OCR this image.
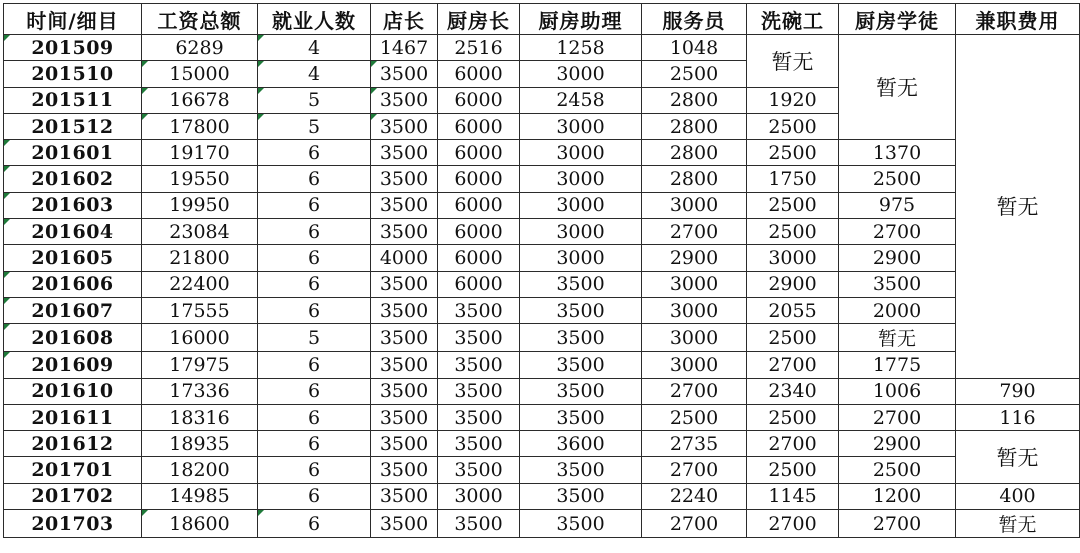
时间/细目	工资总额	就业人数	店长	厨房长	厨房助理	服务员	洗碗工	厨房学徒	兼职费用
201509	6289	4	1467	2516	1258	1048	暂无	暂无	暂无
201510	15000	4	3500	6000	3000	2500			
201511	16678	5	3500	6000	2458	2800	1920		
201512	17800	5	3500	6000	3000	2800	2500		
201601	19170	6	3500	6000	3000	2800	2500	1370	
201602	19550	6	3500	6000	3000	2800	1750	2500	
201603	19950	6	3500	6000	3000	3000	2500	975	
201604	23084	6	3500	6000	3000	2700	2500	2700	
201605	21800	6	4000	6000	3000	2900	3000	2900	
201606	22400	6	3500	6000	3500	3000	2900	3500	
201607	17555	6	3500	3500	3500	3000	2055	2000	
201608	16000	5	3500	3500	3500	3000	2500	暂无	
201609	17975	6	3500	3500	3500	3000	2700	1775	
201610	17336	6	3500	3500	3500	2700	2340	1006	790
201611	18316	6	3500	3500	3500	2500	2500	2700	116
201612	18935	6	3500	3500	3600	2735	2700	2900	暂无
201701	18200	6	3500	3500	3500	2700	2500	2500	
201702	14985	6	3500	3000	3500	2240	1145	1200	400
201703	18600	6	3500	3500	3500	2700	2700	2700	暂无
